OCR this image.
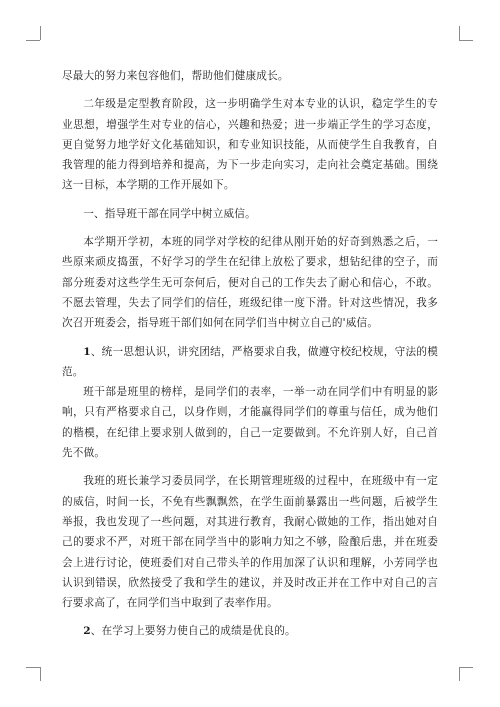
尽最大的努力来包容他们，帮助他们健康成长。

二年级是定型教育阶段，这一步明确学生对本专业的认识，稳定学生的专业思想，增强学生对专业的信心，兴趣和热爱；进一步端正学生的学习态度，更自觉努力地学好文化基础知识，和专业知识技能，从而使学生自我教育，自我管理的能力得到培养和提高，为下一步走向实习，走向社会奠定基础。围绕这一目标，本学期的工作开展如下。

一、指导班干部在同学中树立威信。

本学期开学初，本班的同学对学校的纪律从刚开始的好奇到熟悉之后，一些原来顽皮捣蛋，不好学习的学生在纪律上放松了要求，想钻纪律的空子，而部分班委对这些学生无可奈何后，便对自己的工作失去了耐心和信心，不敢。不愿去管理，失去了同学们的信任，班级纪律一度下滑。针对这些情况，我多次召开班委会，指导班干部们如何在同学们当中树立自己的'威信。

1、统一思想认识，讲究团结，严格要求自我，做遵守校纪校规，守法的模范。

班干部是班里的榜样，是同学们的表率，一举一动在同学们中有明显的影响，只有严格要求自己，以身作则，才能赢得同学们的尊重与信任，成为他们的楷模，在纪律上要求别人做到的，自己一定要做到。不允许别人好，自己首先不做。

我班的班长兼学习委员同学，在长期管理班级的过程中，在班级中有一定的威信，时间一长，不免有些飘飘然，在学生面前暴露出一些问题，后被学生举报，我也发现了一些问题，对其进行教育，我耐心做她的工作，指出她对自己的要求不严，对班干部在同学当中的影响力知之不够，险酿后患，并在班委会上进行讨论，使班委们对自己带头羊的作用加深了认识和理解，小芳同学也认识到错误，欣然接受了我和学生的建议，并及时改正并在工作中对自己的言行要求高了，在同学们当中取到了表率作用。

2、在学习上要努力使自己的成绩是优良的。
